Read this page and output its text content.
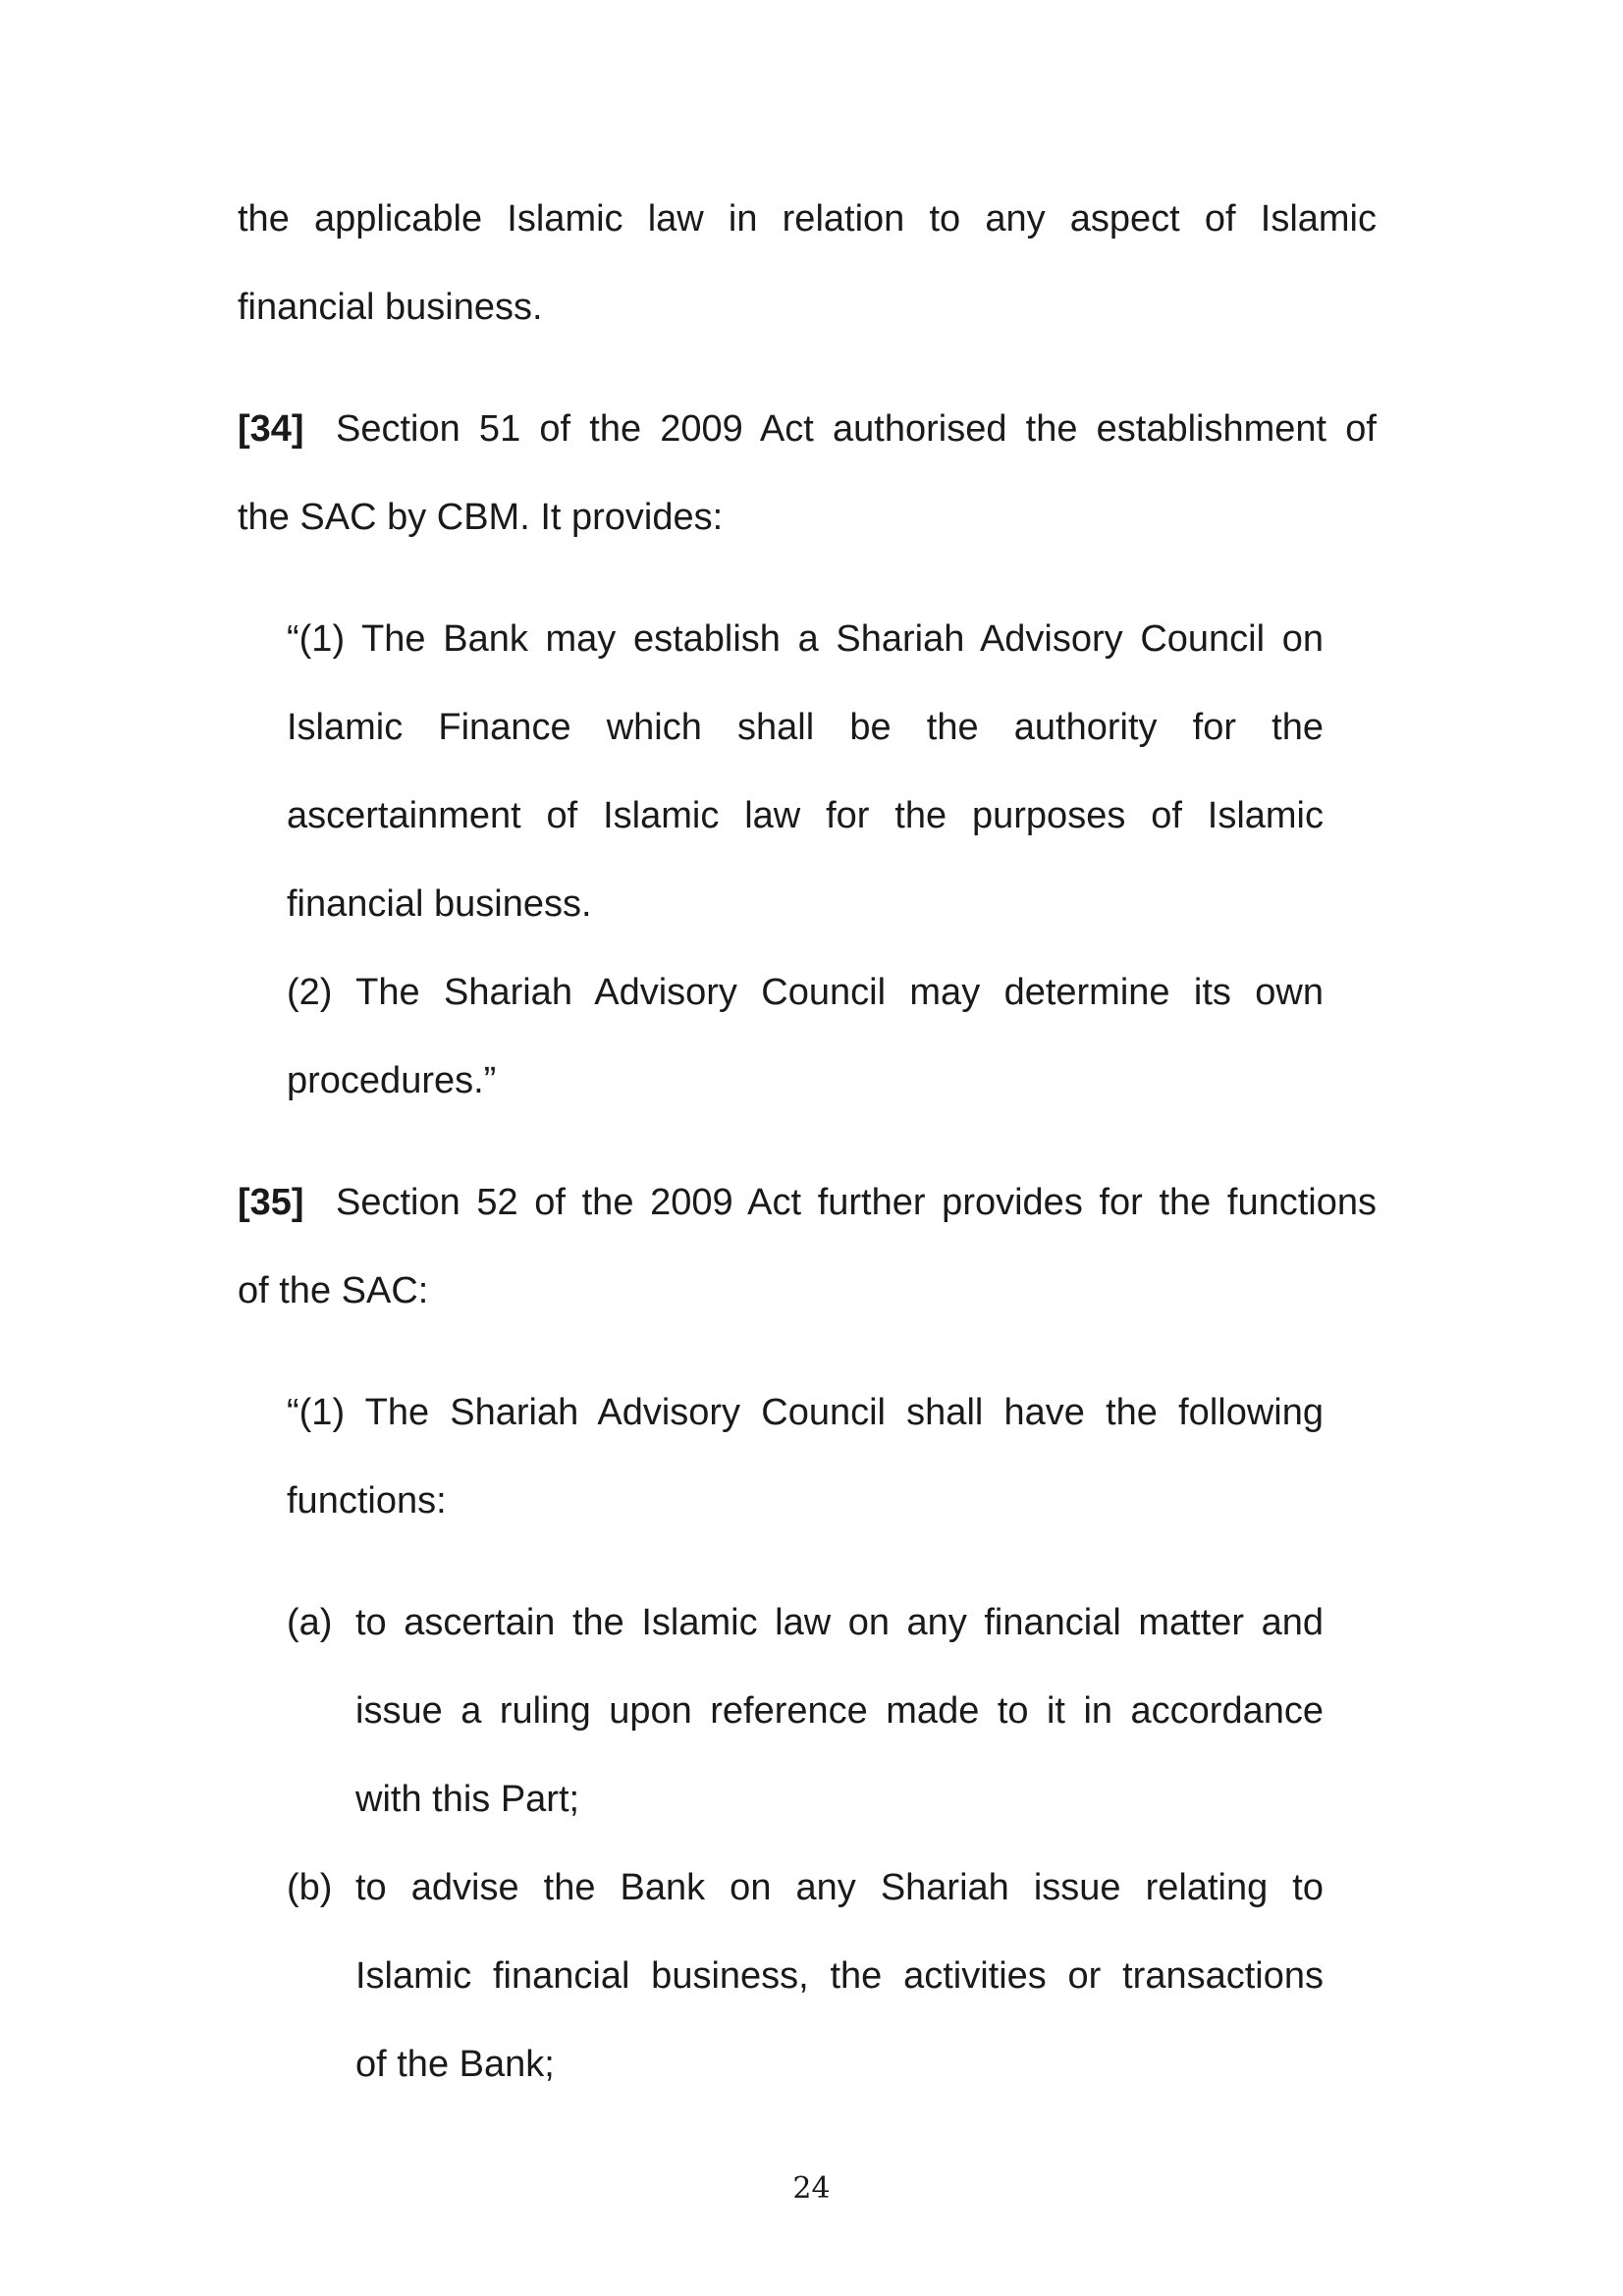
the applicable Islamic law in relation to any aspect of Islamic

financial business.

[34] Section 51 of the 2009 Act authorised the establishment of

the SAC by CBM. It provides:

“(1) The Bank may establish a Shariah Advisory Council on

Islamic Finance which shall be the authority for the

ascertainment of Islamic law for the purposes of Islamic

financial business.

(2) The Shariah Advisory Council may determine its own

procedures.”

[35] Section 52 of the 2009 Act further provides for the functions

of the SAC:

“(1) The Shariah Advisory Council shall have the following

functions:

(a) to ascertain the Islamic law on any financial matter and

issue a ruling upon reference made to it in accordance

with this Part;

(b) to advise the Bank on any Shariah issue relating to

Islamic financial business, the activities or transactions

of the Bank;

24
